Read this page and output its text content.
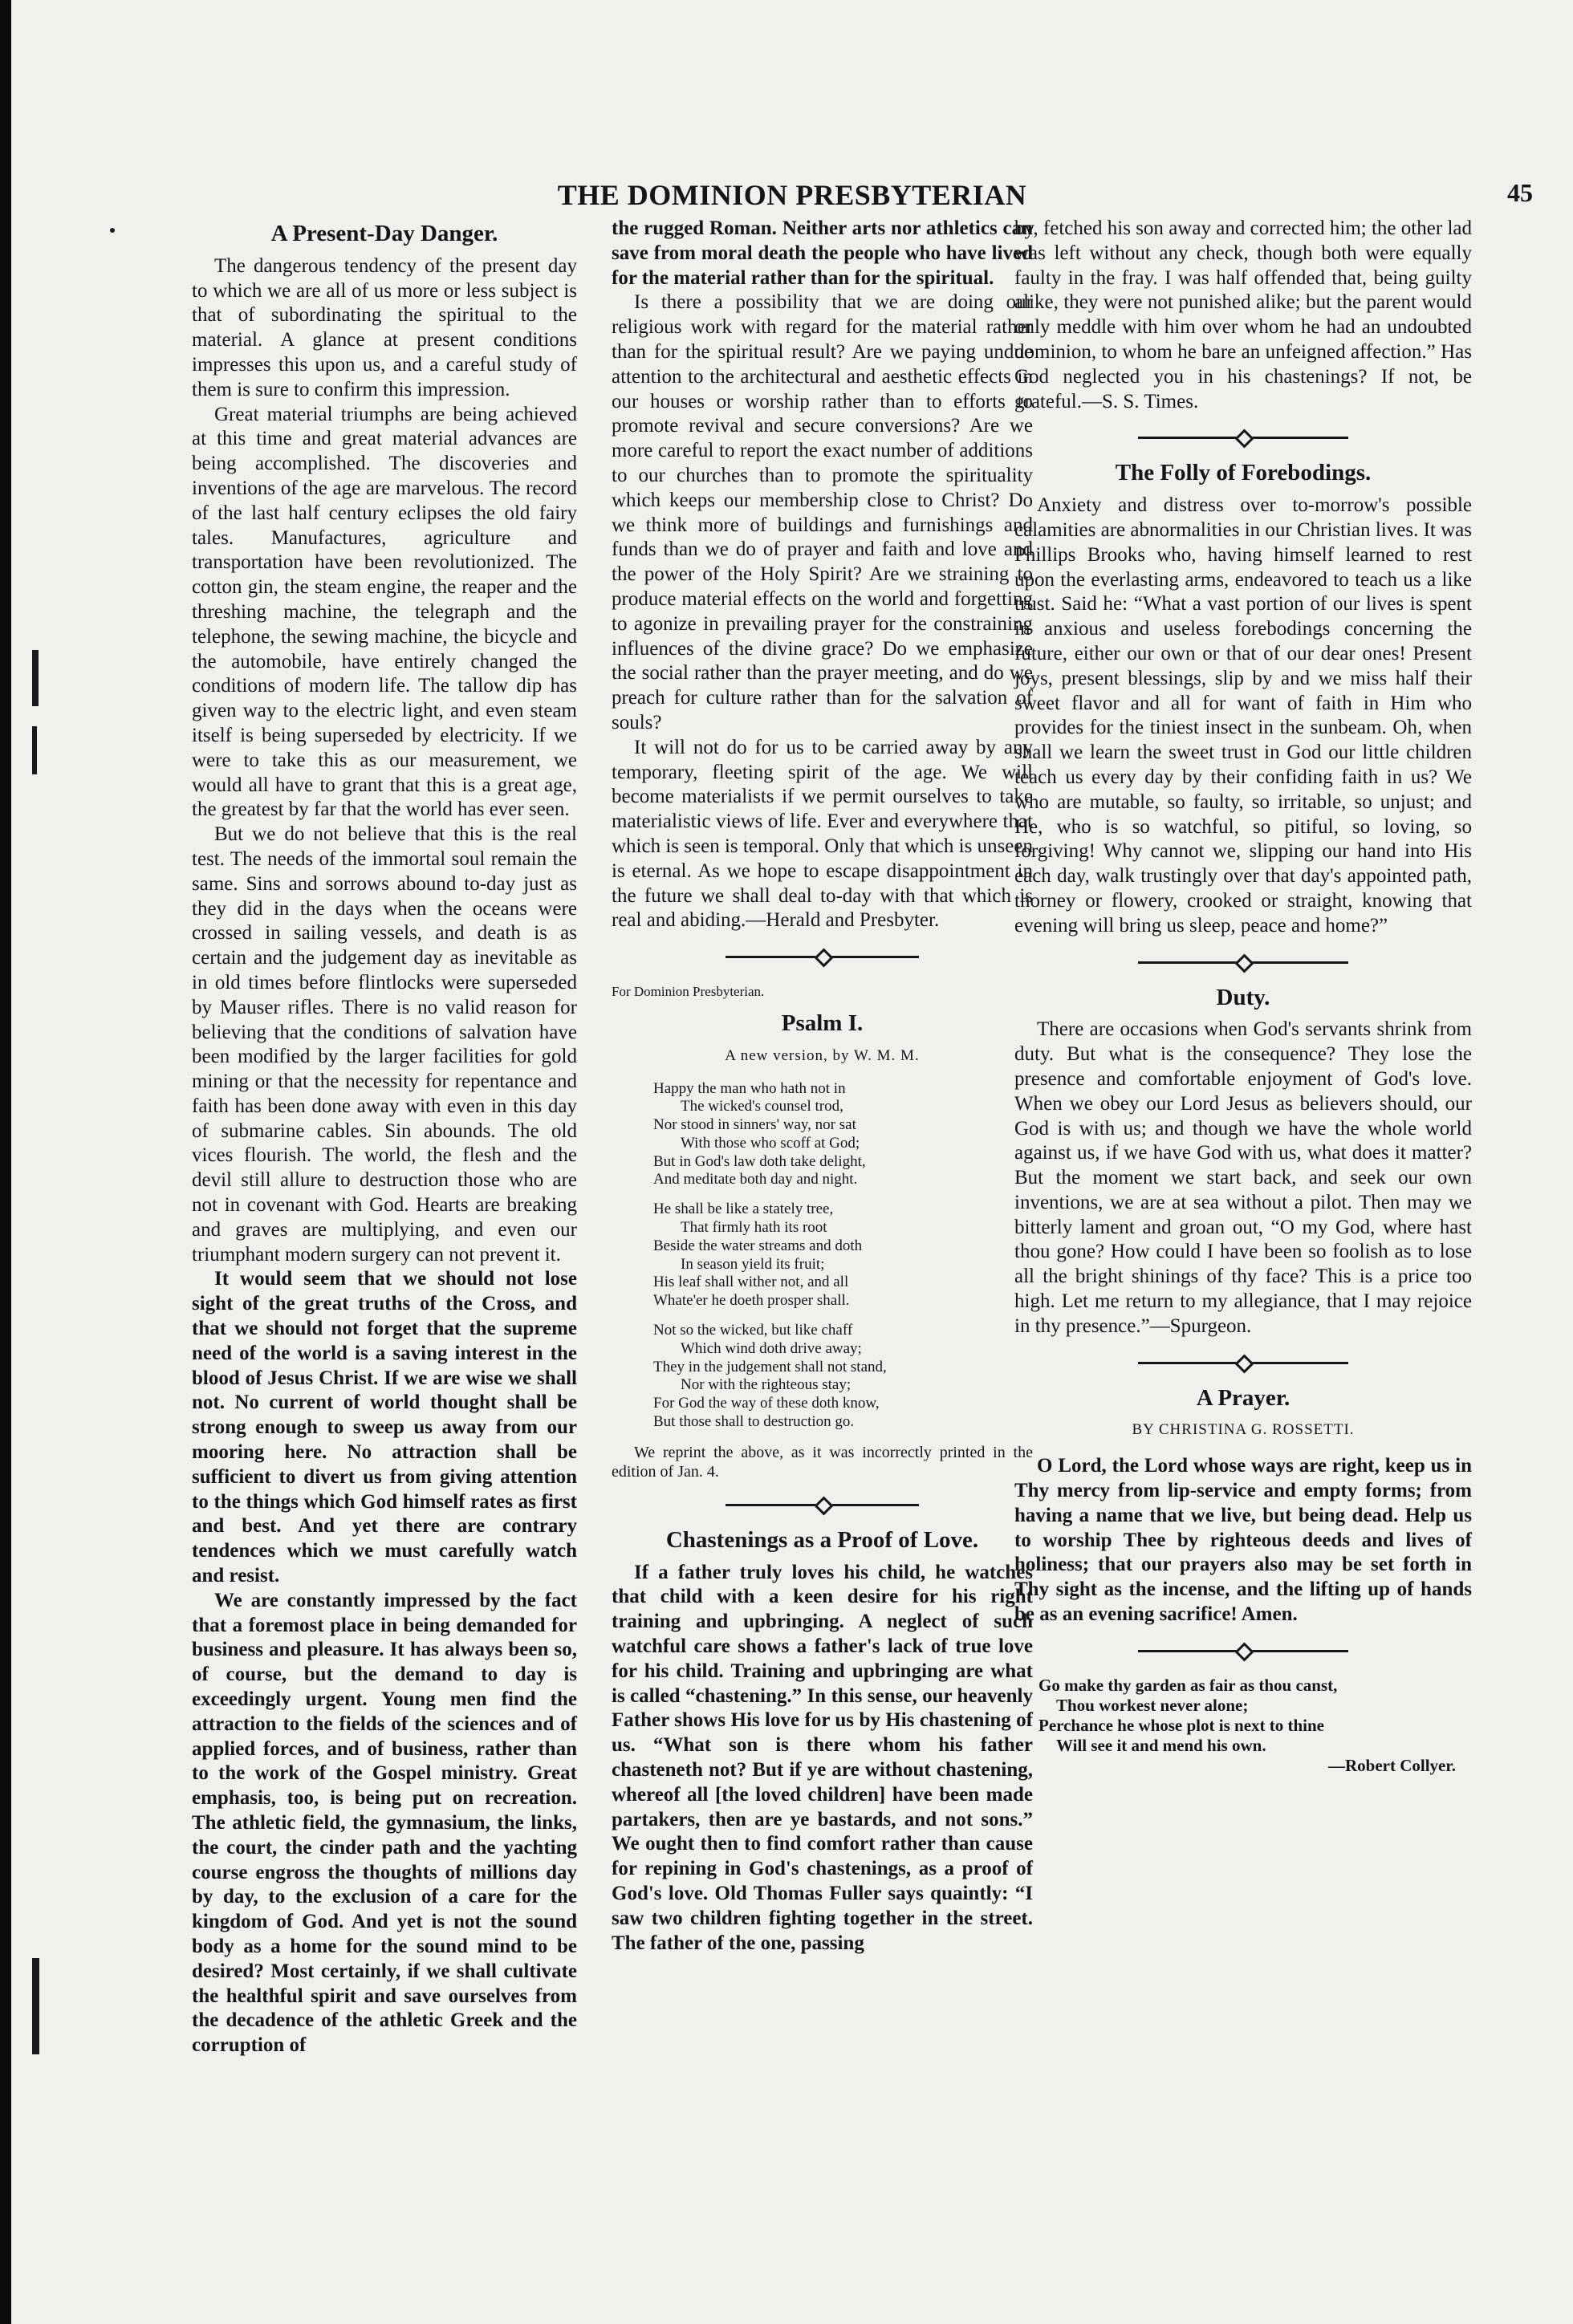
THE DOMINION PRESBYTERIAN	45
A Present-Day Danger.

The dangerous tendency of the present day to which we are all of us more or less subject is that of subordinating the spiritual to the material. A glance at present conditions impresses this upon us, and a careful study of them is sure to confirm this impression.

Great material triumphs are being achieved at this time and great material advances are being accomplished. The discoveries and inventions of the age are marvelous. The record of the last half century eclipses the old fairy tales. Manufactures, agriculture and transportation have been revolutionized. The cotton gin, the steam engine, the reaper and the threshing machine, the telegraph and the telephone, the sewing machine, the bicycle and the automobile, have entirely changed the conditions of modern life. The tallow dip has given way to the electric light, and even steam itself is being superseded by electricity. If we were to take this as our measurement, we would all have to grant that this is a great age, the greatest by far that the world has ever seen.

But we do not believe that this is the real test. The needs of the immortal soul remain the same. Sins and sorrows abound to-day just as they did in the days when the oceans were crossed in sailing vessels, and death is as certain and the judgement day as inevitable as in old times before flintlocks were superseded by Mauser rifles. There is no valid reason for believing that the conditions of salvation have been modified by the larger facilities for gold mining or that the necessity for repentance and faith has been done away with even in this day of submarine cables. Sin abounds. The old vices flourish. The world, the flesh and the devil still allure to destruction those who are not in covenant with God. Hearts are breaking and graves are multiplying, and even our triumphant modern surgery can not prevent it.

It would seem that we should not lose sight of the great truths of the Cross, and that we should not forget that the supreme need of the world is a saving interest in the blood of Jesus Christ. If we are wise we shall not. No current of world thought shall be strong enough to sweep us away from our mooring here. No attraction shall be sufficient to divert us from giving attention to the things which God himself rates as first and best. And yet there are contrary tendences which we must carefully watch and resist.

We are constantly impressed by the fact that a foremost place in being demanded for business and pleasure. It has always been so, of course, but the demand to day is exceedingly urgent. Young men find the attraction to the fields of the sciences and of applied forces, and of business, rather than to the work of the Gospel ministry. Great emphasis, too, is being put on recreation. The athletic field, the gymnasium, the links, the court, the cinder path and the yachting course engross the thoughts of millions day by day, to the exclusion of a care for the kingdom of God. And yet is not the sound body as a home for the sound mind to be desired? Most certainly, if we shall cultivate the healthful spirit and save ourselves from the decadence of the athletic Greek and the corruption of

the rugged Roman. Neither arts nor athletics can save from moral death the people who have lived for the material rather than for the spiritual.

Is there a possibility that we are doing our religious work with regard for the material rather than for the spiritual result? Are we paying undue attention to the architectural and aesthetic effects in our houses or worship rather than to efforts to promote revival and secure conversions? Are we more careful to report the exact number of additions to our churches than to promote the spirituality which keeps our membership close to Christ? Do we think more of buildings and furnishings and funds than we do of prayer and faith and love and the power of the Holy Spirit? Are we straining to produce material effects on the world and forgetting to agonize in prevailing prayer for the constraining influences of the divine grace? Do we emphasize the social rather than the prayer meeting, and do we preach for culture rather than for the salvation of souls?

It will not do for us to be carried away by any temporary, fleeting spirit of the age. We will become materialists if we permit ourselves to take materialistic views of life. Ever and everywhere that which is seen is temporal. Only that which is unseen is eternal. As we hope to escape disappointment in the future we shall deal to-day with that which is real and abiding.—Herald and Presbyter.

For Dominion Presbyterian.

Psalm I.

A new version, by W. M. M.

Happy the man who hath not in
The wicked's counsel trod,
Nor stood in sinners' way, nor sat
With those who scoff at God;
But in God's law doth take delight,
And meditate both day and night.
He shall be like a stately tree,
That firmly hath its root
Beside the water streams and doth
In season yield its fruit;
His leaf shall wither not, and all
Whate'er he doeth prosper shall.
Not so the wicked, but like chaff
Which wind doth drive away;
They in the judgement shall not stand,
Nor with the righteous stay;
For God the way of these doth know,
But those shall to destruction go.

We reprint the above, as it was incorrectly printed in the edition of Jan. 4.

Chastenings as a Proof of Love.

If a father truly loves his child, he watches that child with a keen desire for his right training and upbringing. A neglect of such watchful care shows a father's lack of true love for his child. Training and upbringing are what is called “chastening.” In this sense, our heavenly Father shows His love for us by His chastening of us. “What son is there whom his father chasteneth not? But if ye are without chastening, whereof all [the loved children] have been made partakers, then are ye bastards, and not sons.” We ought then to find comfort rather than cause for repining in God's chastenings, as a proof of God's love. Old Thomas Fuller says quaintly: “I saw two children fighting together in the street. The father of the one, passing

by, fetched his son away and corrected him; the other lad was left without any check, though both were equally faulty in the fray. I was half offended that, being guilty alike, they were not punished alike; but the parent would only meddle with him over whom he had an undoubted dominion, to whom he bare an unfeigned affection.” Has God neglected you in his chastenings? If not, be grateful.—S. S. Times.

The Folly of Forebodings.

Anxiety and distress over to-morrow's possible calamities are abnormalities in our Christian lives. It was Phillips Brooks who, having himself learned to rest upon the everlasting arms, endeavored to teach us a like trust. Said he: “What a vast portion of our lives is spent in anxious and useless forebodings concerning the future, either our own or that of our dear ones! Present joys, present blessings, slip by and we miss half their sweet flavor and all for want of faith in Him who provides for the tiniest insect in the sunbeam. Oh, when shall we learn the sweet trust in God our little children teach us every day by their confiding faith in us? We who are mutable, so faulty, so irritable, so unjust; and He, who is so watchful, so pitiful, so loving, so forgiving! Why cannot we, slipping our hand into His each day, walk trustingly over that day's appointed path, thorney or flowery, crooked or straight, knowing that evening will bring us sleep, peace and home?”

Duty.

There are occasions when God's servants shrink from duty. But what is the consequence? They lose the presence and comfortable enjoyment of God's love. When we obey our Lord Jesus as believers should, our God is with us; and though we have the whole world against us, if we have God with us, what does it matter? But the moment we start back, and seek our own inventions, we are at sea without a pilot. Then may we bitterly lament and groan out, “O my God, where hast thou gone? How could I have been so foolish as to lose all the bright shinings of thy face? This is a price too high. Let me return to my allegiance, that I may rejoice in thy presence.”—Spurgeon.

A Prayer.

BY CHRISTINA G. ROSSETTI.

O Lord, the Lord whose ways are right, keep us in Thy mercy from lip-service and empty forms; from having a name that we live, but being dead. Help us to worship Thee by righteous deeds and lives of holiness; that our prayers also may be set forth in Thy sight as the incense, and the lifting up of hands be as an evening sacrifice! Amen.

Go make thy garden as fair as thou canst,
Thou workest never alone;
Perchance he whose plot is next to thine
Will see it and mend his own.
—Robert Collyer.
